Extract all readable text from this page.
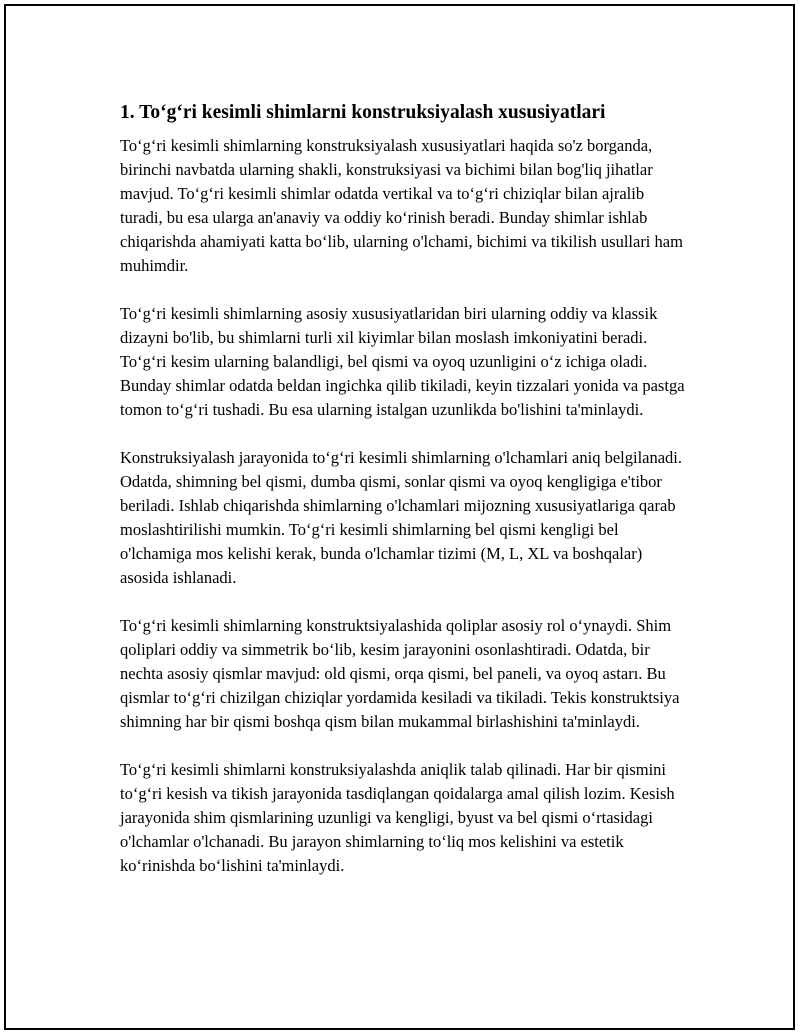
1. To‘g‘ri kesimli shimlarni konstruksiyalash xususiyatlari

To‘g‘ri kesimli shimlarning konstruksiyalash xususiyatlari haqida so'z borganda, birinchi navbatda ularning shakli, konstruksiyasi va bichimi bilan bog'liq jihatlar mavjud. To‘g‘ri kesimli shimlar odatda vertikal va to‘g‘ri chiziqlar bilan ajralib turadi, bu esa ularga an'anaviy va oddiy ko‘rinish beradi. Bunday shimlar ishlab chiqarishda ahamiyati katta bo‘lib, ularning o'lchami, bichimi va tikilish usullari ham muhimdir.

To‘g‘ri kesimli shimlarning asosiy xususiyatlaridan biri ularning oddiy va klassik dizayni bo'lib, bu shimlarni turli xil kiyimlar bilan moslash imkoniyatini beradi. To‘g‘ri kesim ularning balandligi, bel qismi va oyoq uzunligini o‘z ichiga oladi. Bunday shimlar odatda beldan ingichka qilib tikiladi, keyin tizzalari yonida va pastga tomon to‘g‘ri tushadi. Bu esa ularning istalgan uzunlikda bo'lishini ta'minlaydi.

Konstruksiyalash jarayonida to‘g‘ri kesimli shimlarning o'lchamlari aniq belgilanadi. Odatda, shimning bel qismi, dumba qismi, sonlar qismi va oyoq kengligiga e'tibor beriladi. Ishlab chiqarishda shimlarning o'lchamlari mijozning xususiyatlariga qarab moslashtirilishi mumkin. To‘g‘ri kesimli shimlarning bel qismi kengligi bel o'lchamiga mos kelishi kerak, bunda o'lchamlar tizimi (M, L, XL va boshqalar) asosida ishlanadi.

To‘g‘ri kesimli shimlarning konstruktsiyalashida qoliplar asosiy rol o‘ynaydi. Shim qoliplari oddiy va simmetrik bo‘lib, kesim jarayonini osonlashtiradi. Odatda, bir nechta asosiy qismlar mavjud: old qismi, orqa qismi, bel paneli, va oyoq astarı. Bu qismlar to‘g‘ri chizilgan chiziqlar yordamida kesiladi va tikiladi. Tekis konstruktsiya shimning har bir qismi boshqa qism bilan mukammal birlashishini ta'minlaydi.

To‘g‘ri kesimli shimlarni konstruksiyalashda aniqlik talab qilinadi. Har bir qismini to‘g‘ri kesish va tikish jarayonida tasdiqlangan qoidalarga amal qilish lozim. Kesish jarayonida shim qismlarining uzunligi va kengligi, byust va bel qismi o‘rtasidagi o'lchamlar o'lchanadi. Bu jarayon shimlarning to‘liq mos kelishini va estetik ko‘rinishda bo‘lishini ta'minlaydi.
